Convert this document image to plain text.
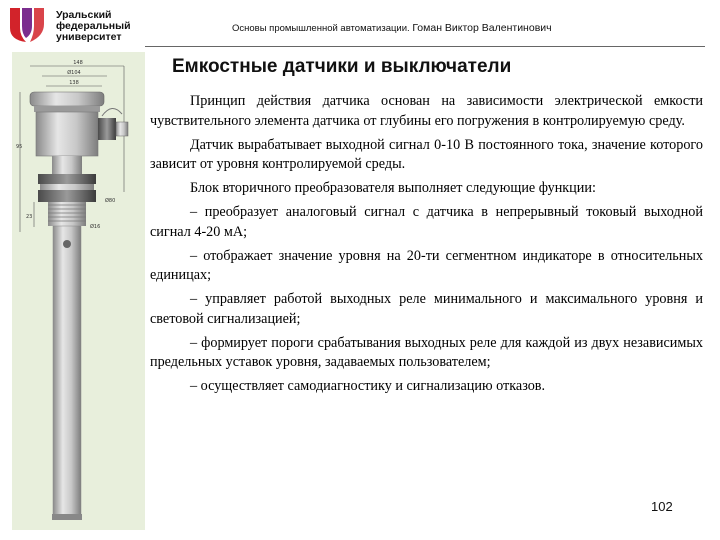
Уральский
федеральный
университет
Основы промышленной автоматизации. Гоман Виктор Валентинович
148
Ø104
138
95
23
Ø80
Ø16
Емкостные датчики и выключатели

Принцип действия датчика основан на зависимости электрической емкости чувствительного элемента датчика от глубины его погружения в контролируемую среду.

Датчик вырабатывает выходной сигнал 0-10 В постоянного тока, значение которого зависит от уровня контролируемой среды.

Блок вторичного преобразователя выполняет следующие функции:

– преобразует аналоговый сигнал с датчика в непрерывный токовый выходной сигнал 4-20 мА;

– отображает значение уровня на 20-ти сегментном индикаторе в относительных единицах;

– управляет работой выходных реле минимального и максимального уровня и световой сигнализацией;

– формирует пороги срабатывания выходных реле для каждой из двух независимых предельных уставок уровня, задаваемых пользователем;

– осуществляет самодиагностику и сигнализацию отказов.

102
